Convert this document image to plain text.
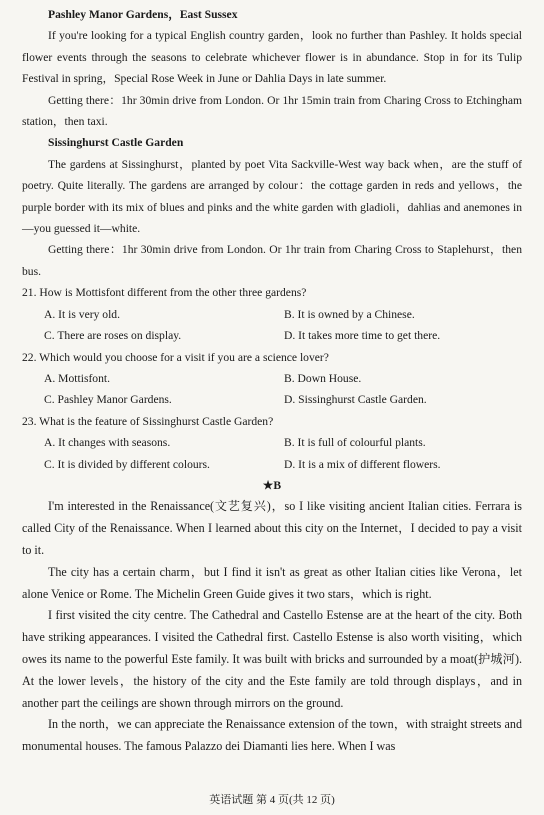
Pashley Manor Gardens，East Sussex

If you're looking for a typical English country garden，look no further than Pashley. It holds special flower events through the seasons to celebrate whichever flower is in abundance. Stop in for its Tulip Festival in spring，Special Rose Week in June or Dahlia Days in late summer.

Getting there：1hr 30min drive from London. Or 1hr 15min train from Charing Cross to Etchingham station，then taxi.

Sissinghurst Castle Garden

The gardens at Sissinghurst，planted by poet Vita Sackville-West way back when，are the stuff of poetry. Quite literally. The gardens are arranged by colour：the cottage garden in reds and yellows，the purple border with its mix of blues and pinks and the white garden with gladioli，dahlias and anemones in—you guessed it—white.

Getting there：1hr 30min drive from London. Or 1hr train from Charing Cross to Staplehurst，then bus.

21. How is Mottisfont different from the other three gardens?

A. It is very old.	B. It is owned by a Chinese.
C. There are roses on display.	D. It takes more time to get there.

22. Which would you choose for a visit if you are a science lover?

A. Mottisfont.	B. Down House.
C. Pashley Manor Gardens.	D. Sissinghurst Castle Garden.

23. What is the feature of Sissinghurst Castle Garden?

A. It changes with seasons.	B. It is full of colourful plants.
C. It is divided by different colours.	D. It is a mix of different flowers.

★B

I'm interested in the Renaissance(文艺复兴)，so I like visiting ancient Italian cities. Ferrara is called City of the Renaissance. When I learned about this city on the Internet，I decided to pay a visit to it.

The city has a certain charm，but I find it isn't as great as other Italian cities like Verona，let alone Venice or Rome. The Michelin Green Guide gives it two stars，which is right.

I first visited the city centre. The Cathedral and Castello Estense are at the heart of the city. Both have striking appearances. I visited the Cathedral first. Castello Estense is also worth visiting，which owes its name to the powerful Este family. It was built with bricks and surrounded by a moat(护城河). At the lower levels，the history of the city and the Este family are told through displays，and in another part the ceilings are shown through mirrors on the ground.

In the north，we can appreciate the Renaissance extension of the town，with straight streets and monumental houses. The famous Palazzo dei Diamanti lies here. When I was

英语试题 第 4 页(共 12 页)
